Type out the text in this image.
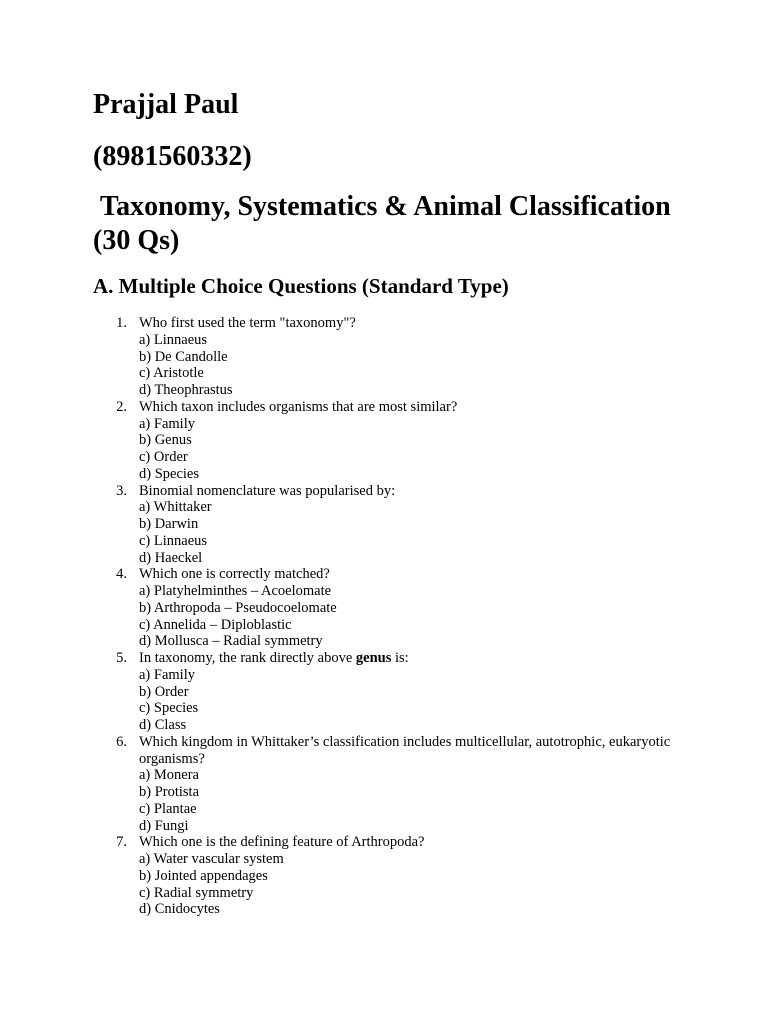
Prajjal Paul
(8981560332)
Taxonomy, Systematics & Animal Classification (30 Qs)
A. Multiple Choice Questions (Standard Type)
1. Who first used the term "taxonomy"?
a) Linnaeus
b) De Candolle
c) Aristotle
d) Theophrastus
2. Which taxon includes organisms that are most similar?
a) Family
b) Genus
c) Order
d) Species
3. Binomial nomenclature was popularised by:
a) Whittaker
b) Darwin
c) Linnaeus
d) Haeckel
4. Which one is correctly matched?
a) Platyhelminthes – Acoelomate
b) Arthropoda – Pseudocoelomate
c) Annelida – Diploblastic
d) Mollusca – Radial symmetry
5. In taxonomy, the rank directly above genus is:
a) Family
b) Order
c) Species
d) Class
6. Which kingdom in Whittaker’s classification includes multicellular, autotrophic, eukaryotic organisms?
a) Monera
b) Protista
c) Plantae
d) Fungi
7. Which one is the defining feature of Arthropoda?
a) Water vascular system
b) Jointed appendages
c) Radial symmetry
d) Cnidocytes
